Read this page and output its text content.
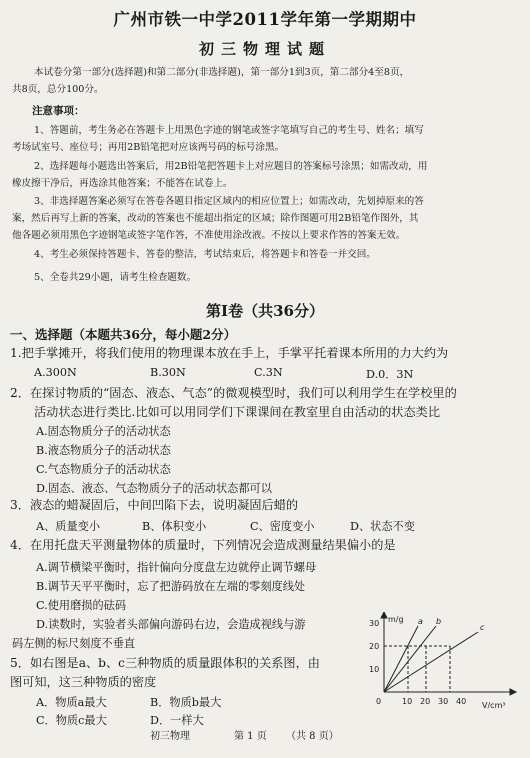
广州市铁一中学2011学年第一学期期中
初三物理试题
本试卷分第一部分(选择题)和第二部分(非选择题)，第一部分1到3页，第二部分4至8页，
共8页，总分100分。
注意事项：
1、答题前，考生务必在答题卡上用黑色字迹的钢笔或签字笔填写自己的考生号、姓名；填写
考场试室号、座位号；再用2B铅笔把对应该两号码的标号涂黑。
2、选择题每小题选出答案后，用2B铅笔把答题卡上对应题目的答案标号涂黑；如需改动，用
橡皮擦干净后，再选涂其他答案；不能答在试卷上。
3、非选择题答案必须写在答卷各题目指定区域内的相应位置上；如需改动，先划掉原来的答
案，然后再写上新的答案，改动的答案也不能超出指定的区域；除作图题可用2B铅笔作图外，其
他各题必须用黑色字迹钢笔或签字笔作答，不准使用涂改液。不按以上要求作答的答案无效。
4、考生必须保持答题卡、答卷的整洁，考试结束后，将答题卡和答卷一并交回。
5、全卷共29小题，请考生检查题数。
第Ⅰ卷（共36分）
一、选择题（本题共36分，每小题2分）
1.把手掌摊开，将我们使用的物理课本放在手上，手掌平托着课本所用的力大约为
A.300N	B.30N	C.3N	D.0．3N
2．在探讨物质的“固态、液态、气态”的微观模型时，我们可以利用学生在学校里的
活动状态进行类比.比如可以用同学们下课课间在教室里自由活动的状态类比
A.固态物质分子的活动状态
B.液态物质分子的活动状态
C.气态物质分子的活动状态
D.固态、液态、气态物质分子的活动状态都可以
3．液态的蜡凝固后，中间凹陷下去，说明凝固后蜡的
A、质量变小	B、体积变小	C、密度变小	D、状态不变
4．在用托盘天平测量物体的质量时，下列情况会造成测量结果偏小的是
A.调节横梁平衡时，指针偏向分度盘左边就停止调节螺母
B.调节天平平衡时，忘了把游码放在左端的零刻度线处
C.使用磨损的砝码
D.读数时，实验者头部偏向游码右边，会造成视线与游
码左侧的标尺刻度不垂直
5．如右图是a、b、c三种物质的质量跟体积的关系图，由
图可知，这三种物质的密度
A．物质a最大	B．物质b最大
C．物质c最大	D．一样大
m/g
V/cm³
0
10
20
30
10 20 30 40
a b
c
初三物理	第 1 页 （共 8 页）
